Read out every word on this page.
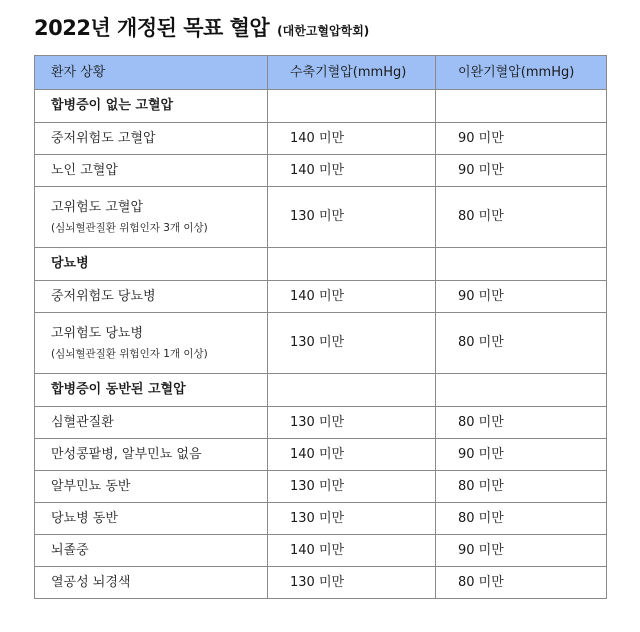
2022년 개정된 목표 혈압 (대한고혈압학회)
환자 상황	수축기혈압(mmHg)	이완기혈압(mmHg)
합병증이 없는 고혈압		
중저위험도 고혈압	140 미만	90 미만
노인 고혈압	140 미만	90 미만
고위험도 고혈압
(심뇌혈관질환 위험인자 3개 이상)	130 미만	80 미만
당뇨병		
중저위험도 당뇨병	140 미만	90 미만
고위험도 당뇨병
(심뇌혈관질환 위험인자 1개 이상)	130 미만	80 미만
합병증이 동반된 고혈압		
심혈관질환	130 미만	80 미만
만성콩팥병, 알부민뇨 없음	140 미만	90 미만
알부민뇨 동반	130 미만	80 미만
당뇨병 동반	130 미만	80 미만
뇌졸중	140 미만	90 미만
열공성 뇌경색	130 미만	80 미만
